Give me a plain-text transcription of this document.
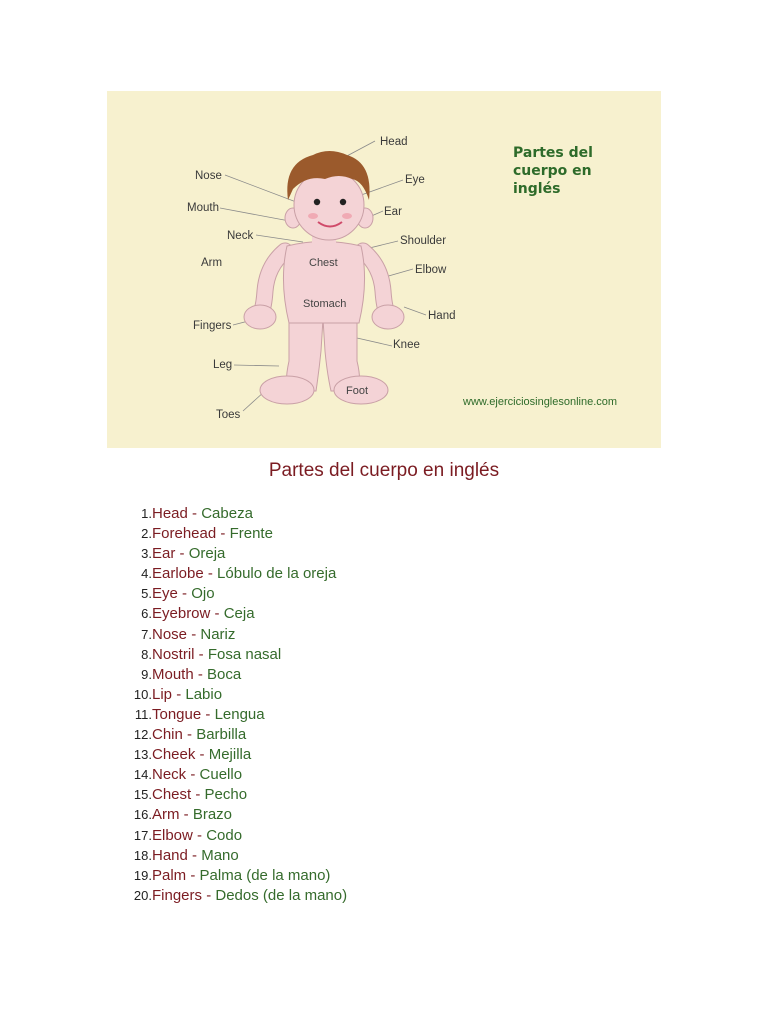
Head
Nose	Eye
Mouth	Ear
Neck	Shoulder
Arm	Chest
Elbow
Stomach
Fingers
Hand
Knee
Leg
Foot
Toes
Partes del
cuerpo en
inglés
www.ejerciciosinglesonline.com
Partes del cuerpo en inglés
1.Head - Cabeza
2.Forehead - Frente
3.Ear - Oreja
4.Earlobe - Lóbulo de la oreja
5.Eye - Ojo
6.Eyebrow - Ceja
7.Nose - Nariz
8.Nostril - Fosa nasal
9.Mouth - Boca
10.Lip - Labio
11.Tongue - Lengua
12.Chin - Barbilla
13.Cheek - Mejilla
14.Neck - Cuello
15.Chest - Pecho
16.Arm - Brazo
17.Elbow - Codo
18.Hand - Mano
19.Palm - Palma (de la mano)
20.Fingers - Dedos (de la mano)
